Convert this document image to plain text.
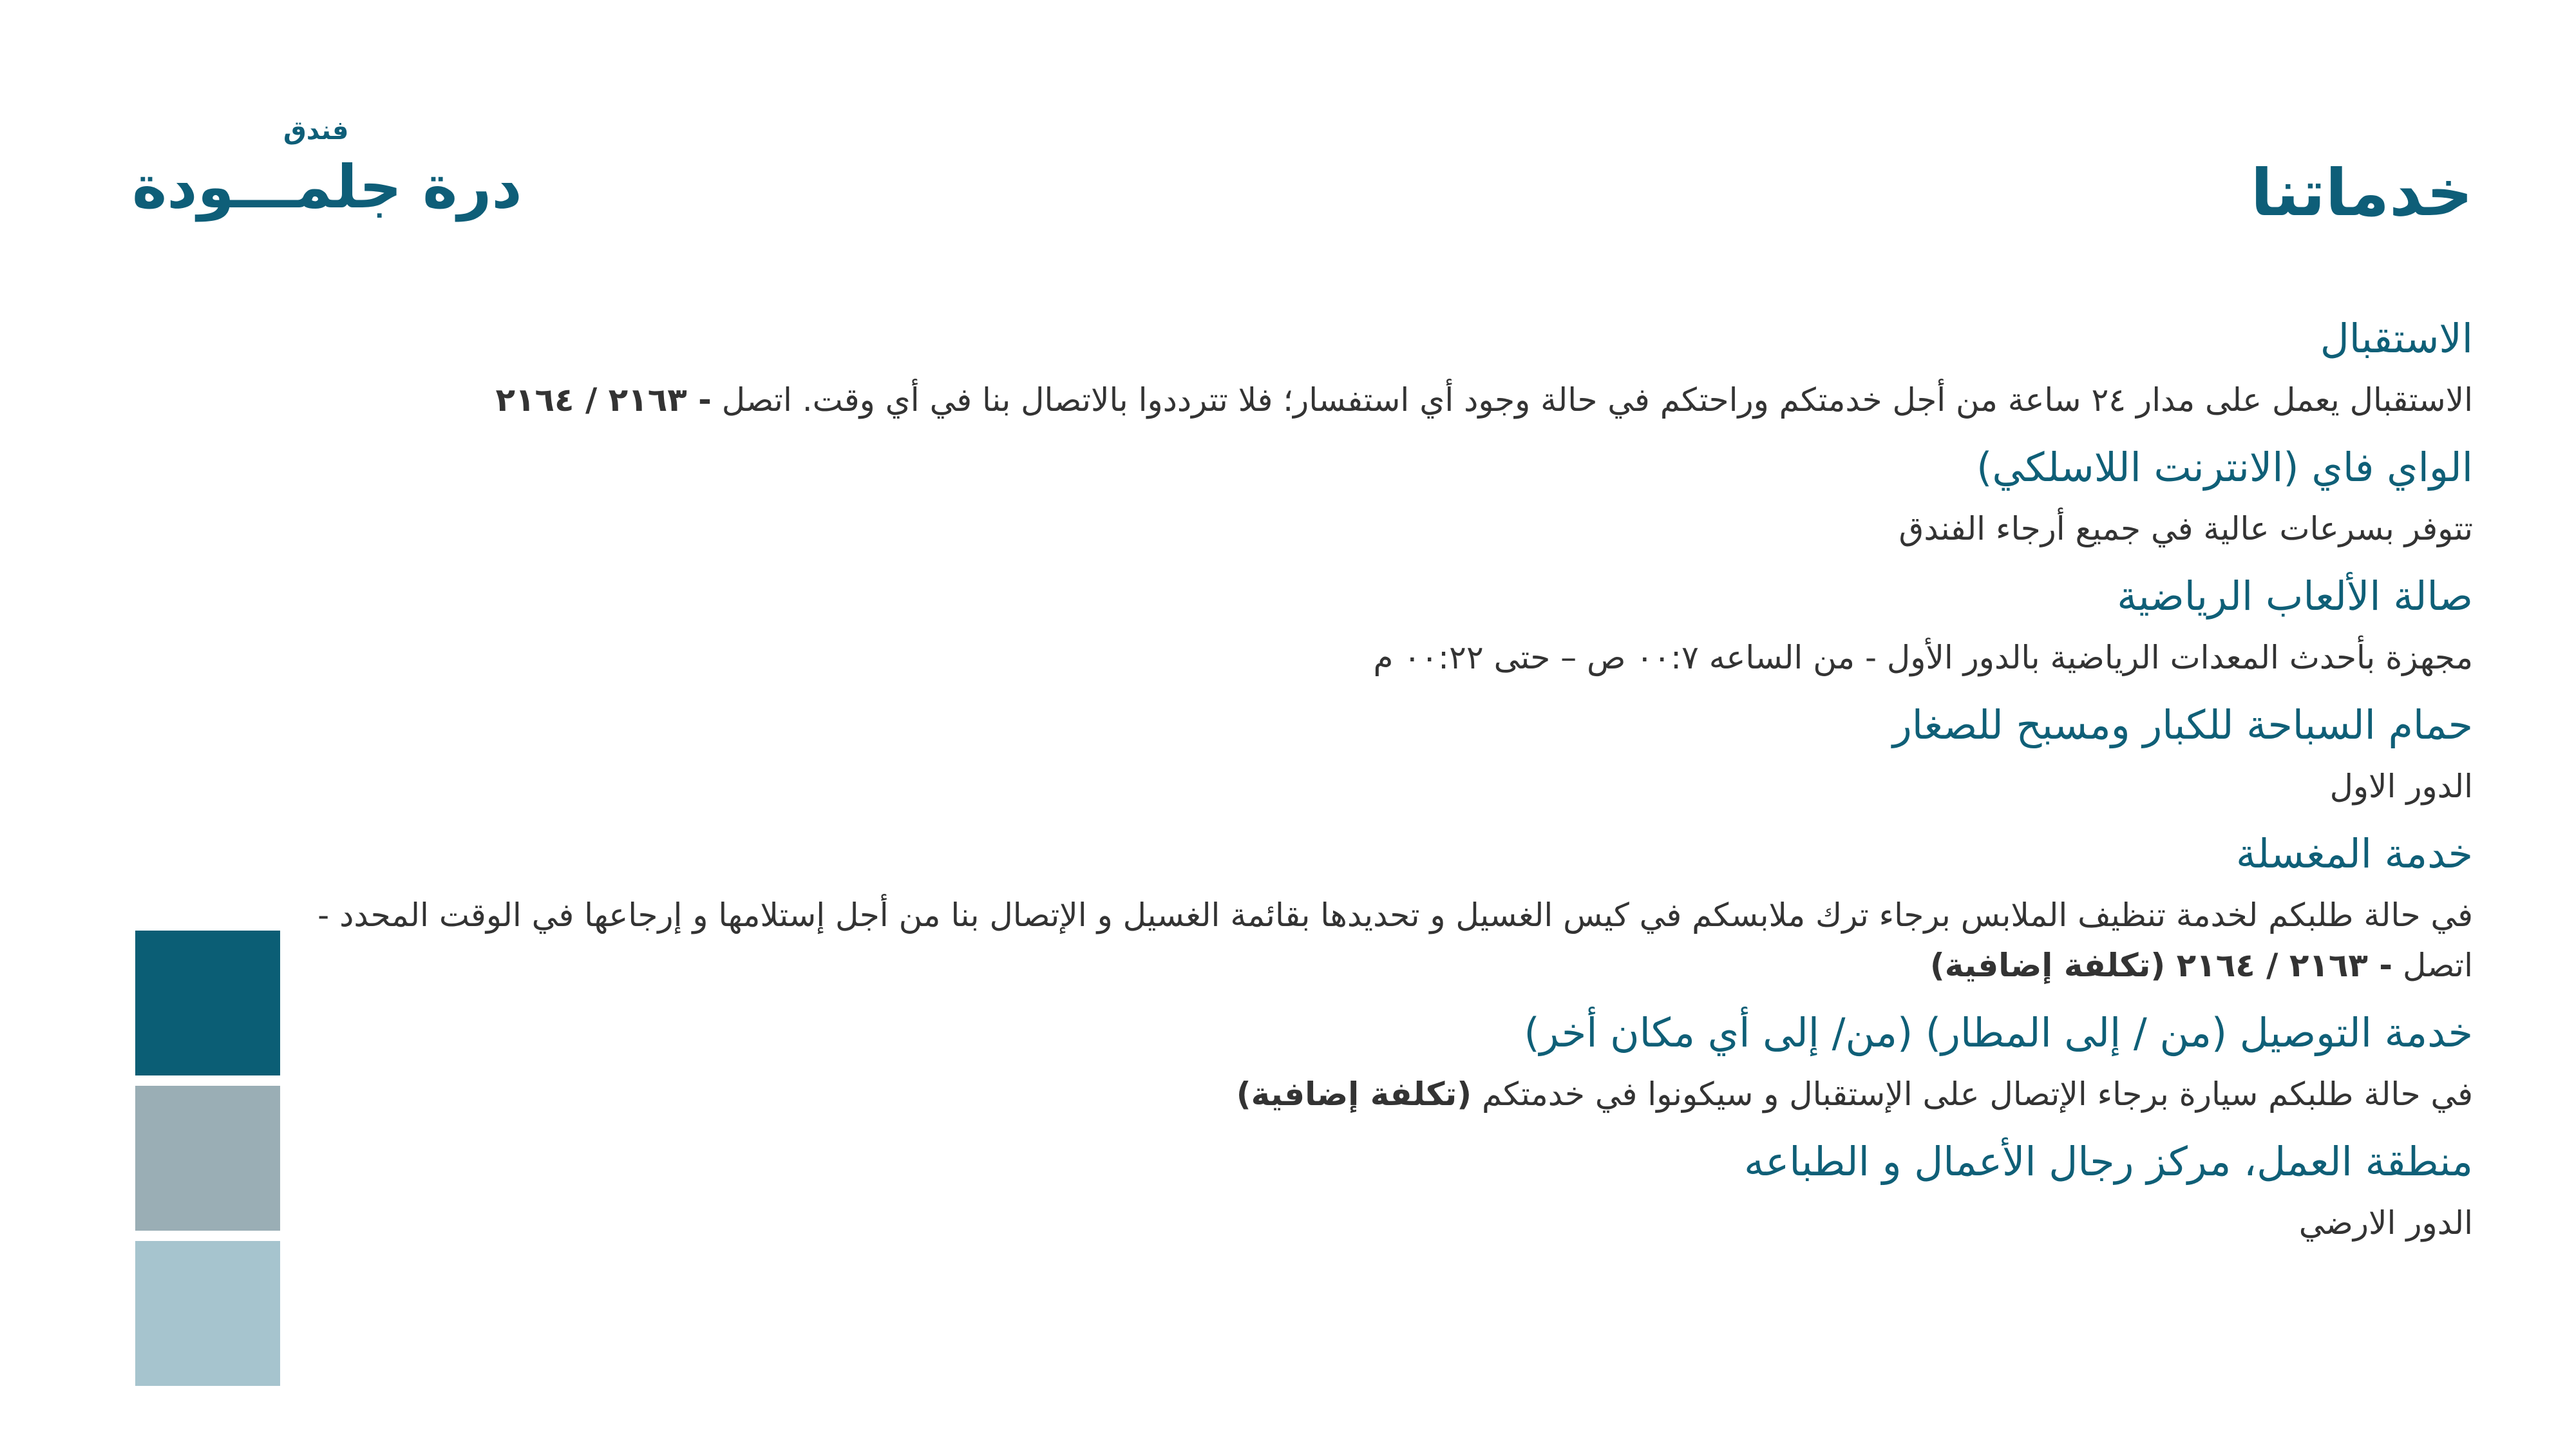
فندق
درة جلمـــودة	خدماتنا
الاستقبال

الاستقبال يعمل على مدار ٢٤ ساعة من أجل خدمتكم وراحتكم في حالة وجود أي استفسار؛ فلا تترددوا بالاتصال بنا في أي وقت. اتصل - ٢١٦٣ / ٢١٦٤

الواي فاي (الانترنت اللاسلكي)

تتوفر بسرعات عالية في جميع أرجاء الفندق

صالة الألعاب الرياضية

مجهزة بأحدث المعدات الرياضية بالدور الأول - من الساعه ٠٠:٧ ص – حتى ٠٠:٢٢ م

حمام السباحة للكبار ومسبح للصغار

الدور الاول

خدمة المغسلة

في حالة طلبكم لخدمة تنظيف الملابس برجاء ترك ملابسكم في كيس الغسيل و تحديدها بقائمة الغسيل و الإتصال بنا من أجل إستلامها و إرجاعها في الوقت المحدد - اتصل - ٢١٦٣ / ٢١٦٤ (تكلفة إضافية)

خدمة التوصيل (من / إلى المطار) (من/ إلى أي مكان أخر)

في حالة طلبكم سيارة برجاء الإتصال على الإستقبال و سيكونوا في خدمتكم (تكلفة إضافية)

منطقة العمل، مركز رجال الأعمال و الطباعه

الدور الارضي
